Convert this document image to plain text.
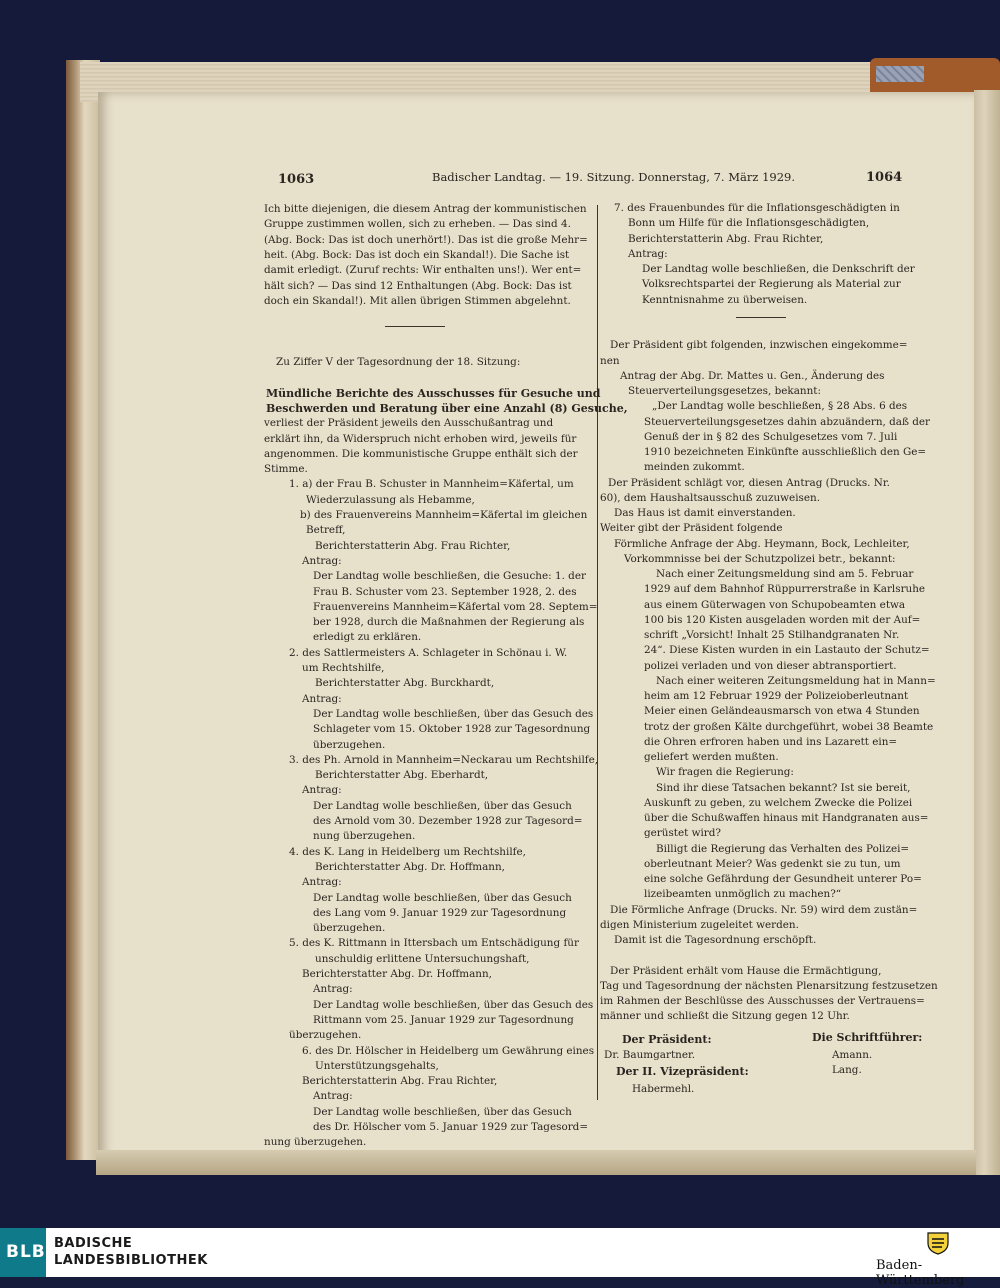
1063	Badischer Landtag. — 19. Sitzung. Donnerstag, 7. März 1929.	1064
Ich bitte diejenigen, die diesem Antrag der kommunistischen
Gruppe zustimmen wollen, sich zu erheben. — Das sind 4.
(Abg. Bock: Das ist doch unerhört!). Das ist die große Mehr=
heit. (Abg. Bock: Das ist doch ein Skandal!). Die Sache ist
damit erledigt. (Zuruf rechts: Wir enthalten uns!). Wer ent=
hält sich? — Das sind 12 Enthaltungen (Abg. Bock: Das ist
doch ein Skandal!). Mit allen übrigen Stimmen abgelehnt.
Zu Ziffer V der Tagesordnung der 18. Sitzung:
Mündliche Berichte des Ausschusses für Gesuche und
Beschwerden und Beratung über eine Anzahl (8) Gesuche,
verliest der Präsident jeweils den Ausschußantrag und
erklärt ihn, da Widerspruch nicht erhoben wird, jeweils für
angenommen. Die kommunistische Gruppe enthält sich der
Stimme.
1. a) der Frau B. Schuster in Mannheim=Käfertal, um
Wiederzulassung als Hebamme,
b) des Frauenvereins Mannheim=Käfertal im gleichen
Betreff,
Berichterstatterin Abg. Frau Richter,
Antrag:
Der Landtag wolle beschließen, die Gesuche: 1. der
Frau B. Schuster vom 23. September 1928, 2. des
Frauenvereins Mannheim=Käfertal vom 28. Septem=
ber 1928, durch die Maßnahmen der Regierung als
erledigt zu erklären.
2. des Sattlermeisters A. Schlageter in Schönau i. W.
um Rechtshilfe,
Berichterstatter Abg. Burckhardt,
Antrag:
Der Landtag wolle beschließen, über das Gesuch des
Schlageter vom 15. Oktober 1928 zur Tagesordnung
überzugehen.
3. des Ph. Arnold in Mannheim=Neckarau um Rechtshilfe,
Berichterstatter Abg. Eberhardt,
Antrag:
Der Landtag wolle beschließen, über das Gesuch
des Arnold vom 30. Dezember 1928 zur Tagesord=
nung überzugehen.
4. des K. Lang in Heidelberg um Rechtshilfe,
Berichterstatter Abg. Dr. Hoffmann,
Antrag:
Der Landtag wolle beschließen, über das Gesuch
des Lang vom 9. Januar 1929 zur Tagesordnung
überzugehen.
5. des K. Rittmann in Ittersbach um Entschädigung für
unschuldig erlittene Untersuchungshaft,
Berichterstatter Abg. Dr. Hoffmann,
Antrag:
Der Landtag wolle beschließen, über das Gesuch des
Rittmann vom 25. Januar 1929 zur Tagesordnung
überzugehen.
6. des Dr. Hölscher in Heidelberg um Gewährung eines
Unterstützungsgehalts,
Berichterstatterin Abg. Frau Richter,
Antrag:
Der Landtag wolle beschließen, über das Gesuch
des Dr. Hölscher vom 5. Januar 1929 zur Tagesord=
nung überzugehen.
7. des Frauenbundes für die Inflationsgeschädigten in
Bonn um Hilfe für die Inflationsgeschädigten,
Berichterstatterin Abg. Frau Richter,
Antrag:
Der Landtag wolle beschließen, die Denkschrift der
Volksrechtspartei der Regierung als Material zur
Kenntnisnahme zu überweisen.
Der Präsident gibt folgenden, inzwischen eingekomme=
nen
Antrag der Abg. Dr. Mattes u. Gen., Änderung des
Steuerverteilungsgesetzes, bekannt:
„Der Landtag wolle beschließen, § 28 Abs. 6 des
Steuerverteilungsgesetzes dahin abzuändern, daß der
Genuß der in § 82 des Schulgesetzes vom 7. Juli
1910 bezeichneten Einkünfte ausschließlich den Ge=
meinden zukommt.
Der Präsident schlägt vor, diesen Antrag (Drucks. Nr.
60), dem Haushaltsausschuß zuzuweisen.
Das Haus ist damit einverstanden.
Weiter gibt der Präsident folgende
Förmliche Anfrage der Abg. Heymann, Bock, Lechleiter,
Vorkommnisse bei der Schutzpolizei betr., bekannt:
Nach einer Zeitungsmeldung sind am 5. Februar
1929 auf dem Bahnhof Rüppurrerstraße in Karlsruhe
aus einem Güterwagen von Schupobeamten etwa
100 bis 120 Kisten ausgeladen worden mit der Auf=
schrift „Vorsicht! Inhalt 25 Stilhandgranaten Nr.
24“. Diese Kisten wurden in ein Lastauto der Schutz=
polizei verladen und von dieser abtransportiert.
Nach einer weiteren Zeitungsmeldung hat in Mann=
heim am 12 Februar 1929 der Polizeioberleutnant
Meier einen Geländeausmarsch von etwa 4 Stunden
trotz der großen Kälte durchgeführt, wobei 38 Beamte
die Ohren erfroren haben und ins Lazarett ein=
geliefert werden mußten.
Wir fragen die Regierung:
Sind ihr diese Tatsachen bekannt? Ist sie bereit,
Auskunft zu geben, zu welchem Zwecke die Polizei
über die Schußwaffen hinaus mit Handgranaten aus=
gerüstet wird?
Billigt die Regierung das Verhalten des Polizei=
oberleutnant Meier? Was gedenkt sie zu tun, um
eine solche Gefährdung der Gesundheit unterer Po=
lizeibeamten unmöglich zu machen?“
Die Förmliche Anfrage (Drucks. Nr. 59) wird dem zustän=
digen Ministerium zugeleitet werden.
Damit ist die Tagesordnung erschöpft.
Der Präsident erhält vom Hause die Ermächtigung,
Tag und Tagesordnung der nächsten Plenarsitzung festzusetzen
im Rahmen der Beschlüsse des Ausschusses der Vertrauens=
männer und schließt die Sitzung gegen 12 Uhr.
Der Präsident:
Dr. Baumgartner.
Der II. Vizepräsident:
Habermehl.
Die Schriftführer:
Amann.
Lang.
BLB BADISCHE
LANDESBIBLIOTHEK	Baden-Württemberg
